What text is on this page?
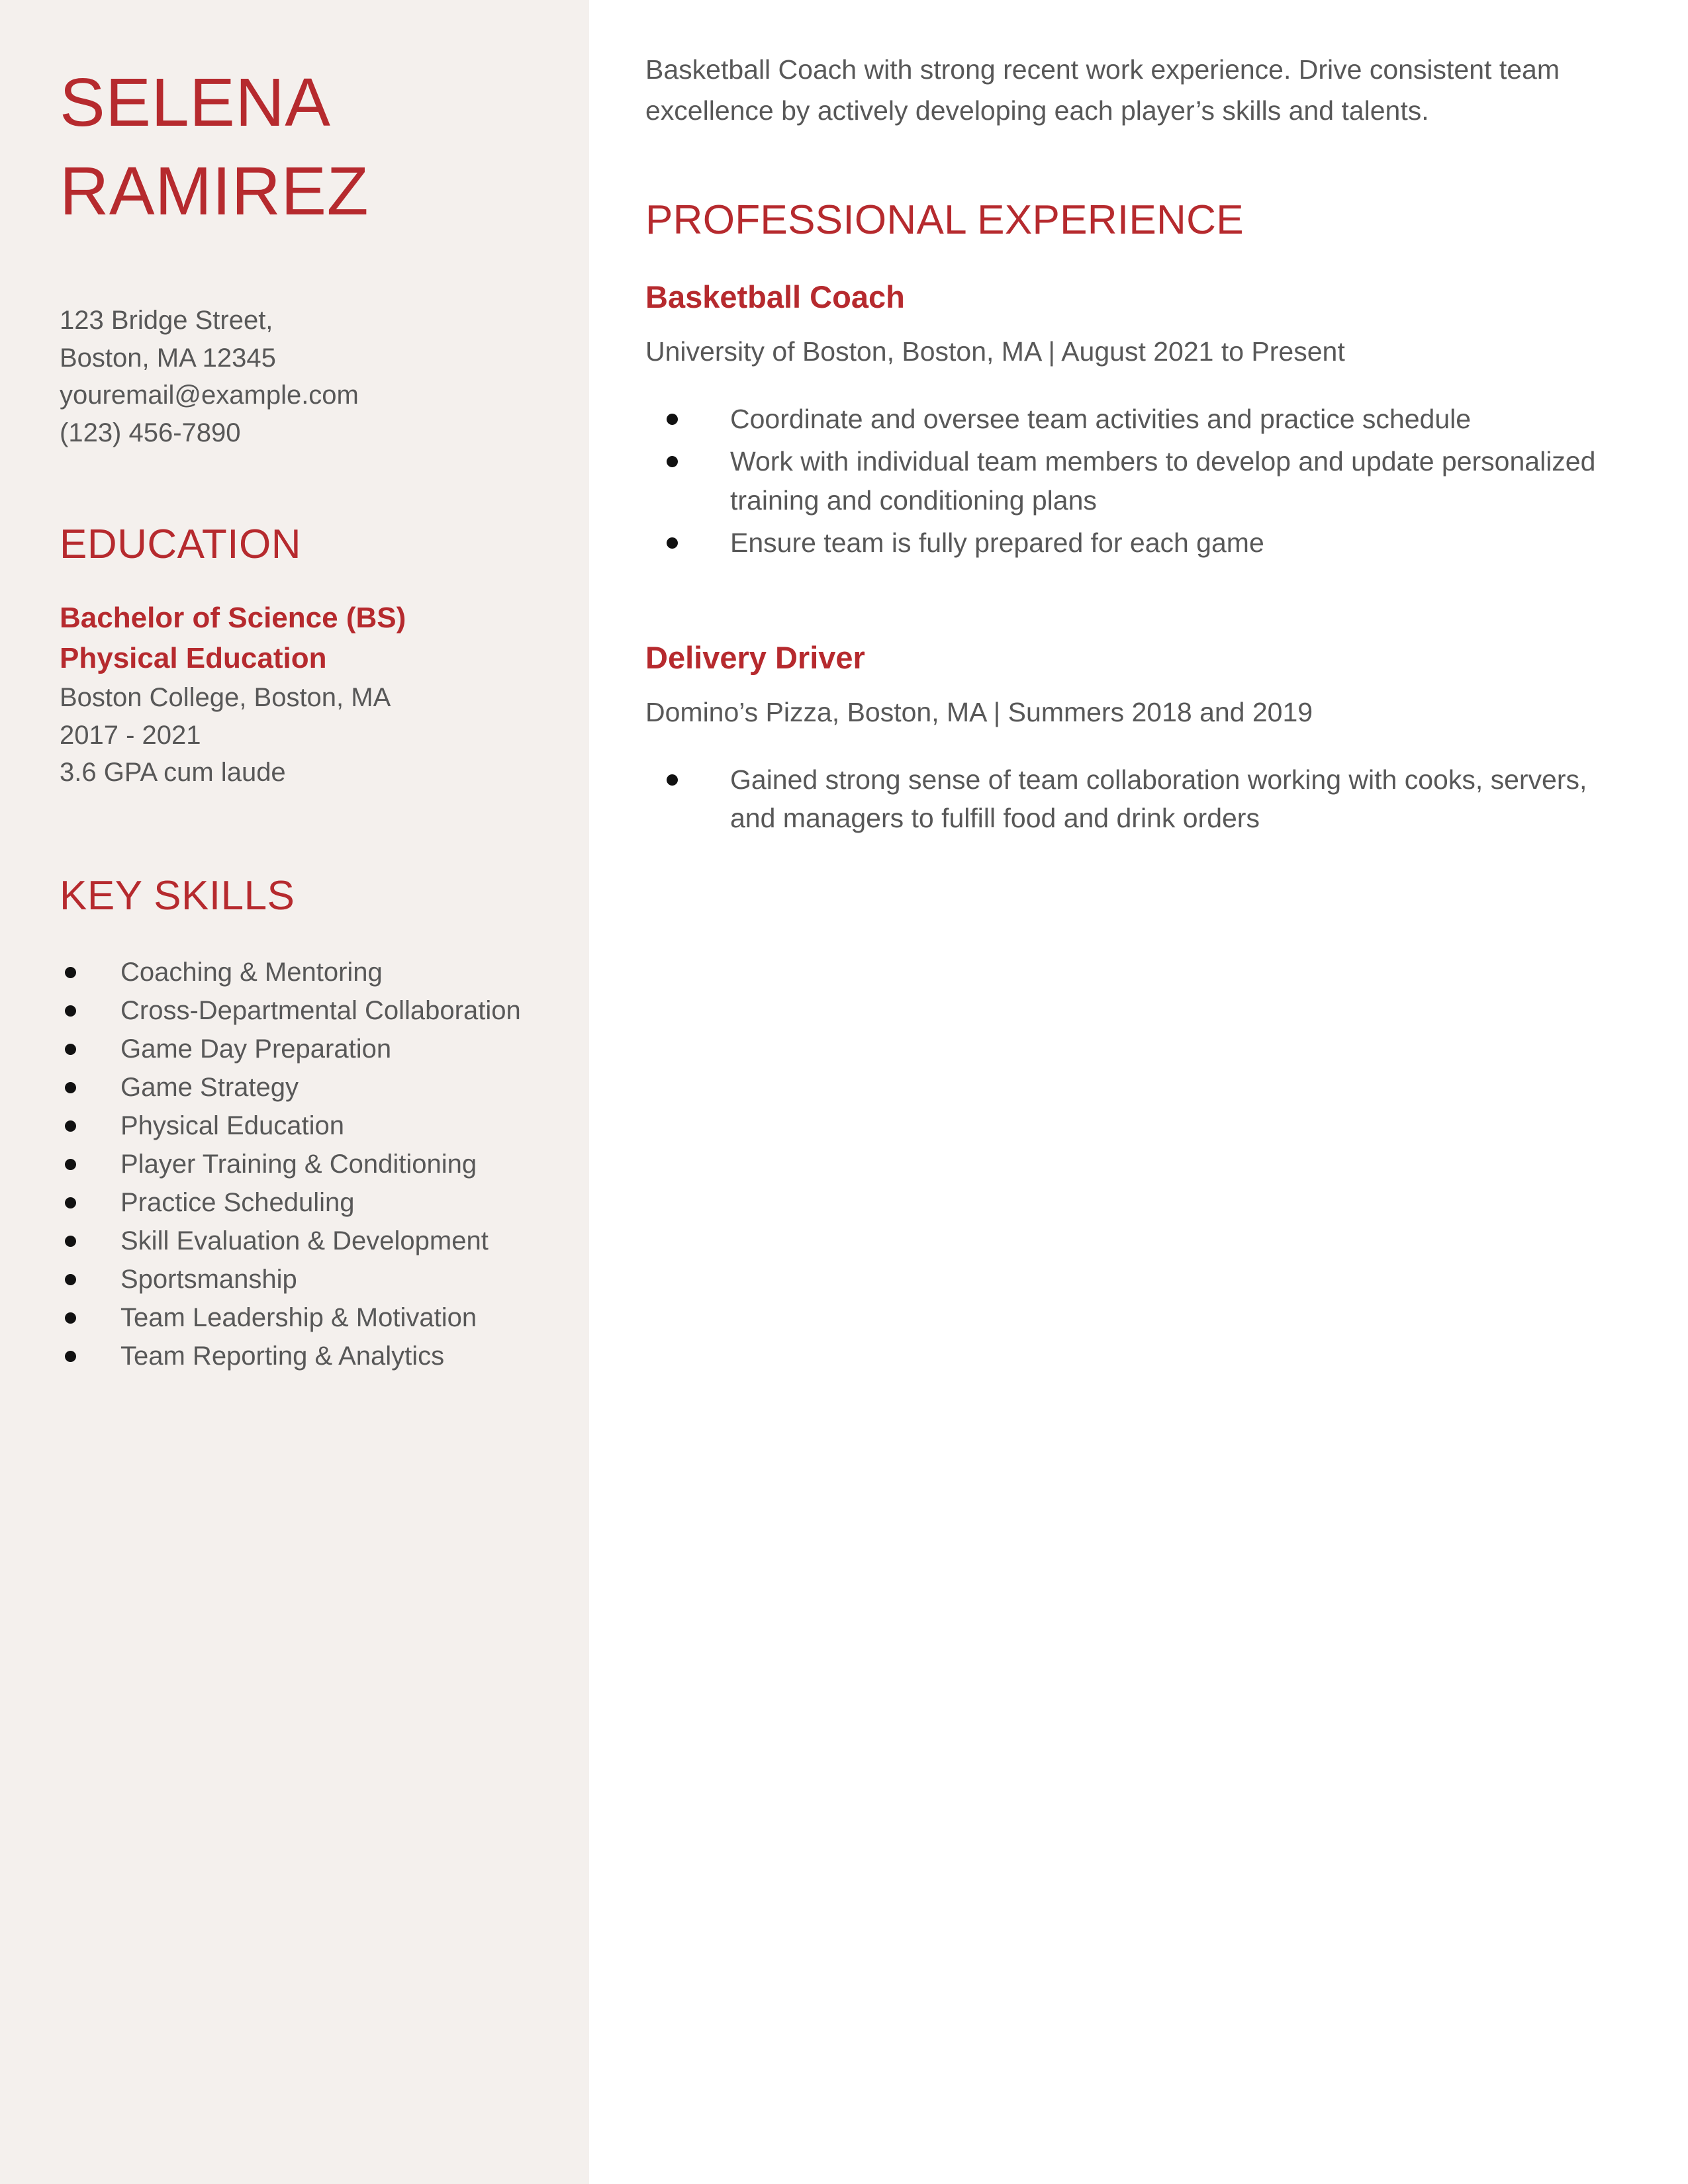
SELENA
RAMIREZ
123 Bridge Street,
Boston, MA 12345
youremail@example.com
(123) 456-7890
EDUCATION
Bachelor of Science (BS)
Physical Education
Boston College, Boston, MA
2017 - 2021
3.6 GPA cum laude
KEY SKILLS
Coaching & Mentoring
Cross-Departmental Collaboration
Game Day Preparation
Game Strategy
Physical Education
Player Training & Conditioning
Practice Scheduling
Skill Evaluation & Development
Sportsmanship
Team Leadership & Motivation
Team Reporting & Analytics

Basketball Coach with strong recent work experience. Drive consistent team excellence by actively developing each player’s skills and talents.

PROFESSIONAL EXPERIENCE
Basketball Coach

University of Boston, Boston, MA | August 2021 to Present

Coordinate and oversee team activities and practice schedule
Work with individual team members to develop and update personalized training and conditioning plans
Ensure team is fully prepared for each game
Delivery Driver

Domino’s Pizza, Boston, MA | Summers 2018 and 2019

Gained strong sense of team collaboration working with cooks, servers, and managers to fulfill food and drink orders
